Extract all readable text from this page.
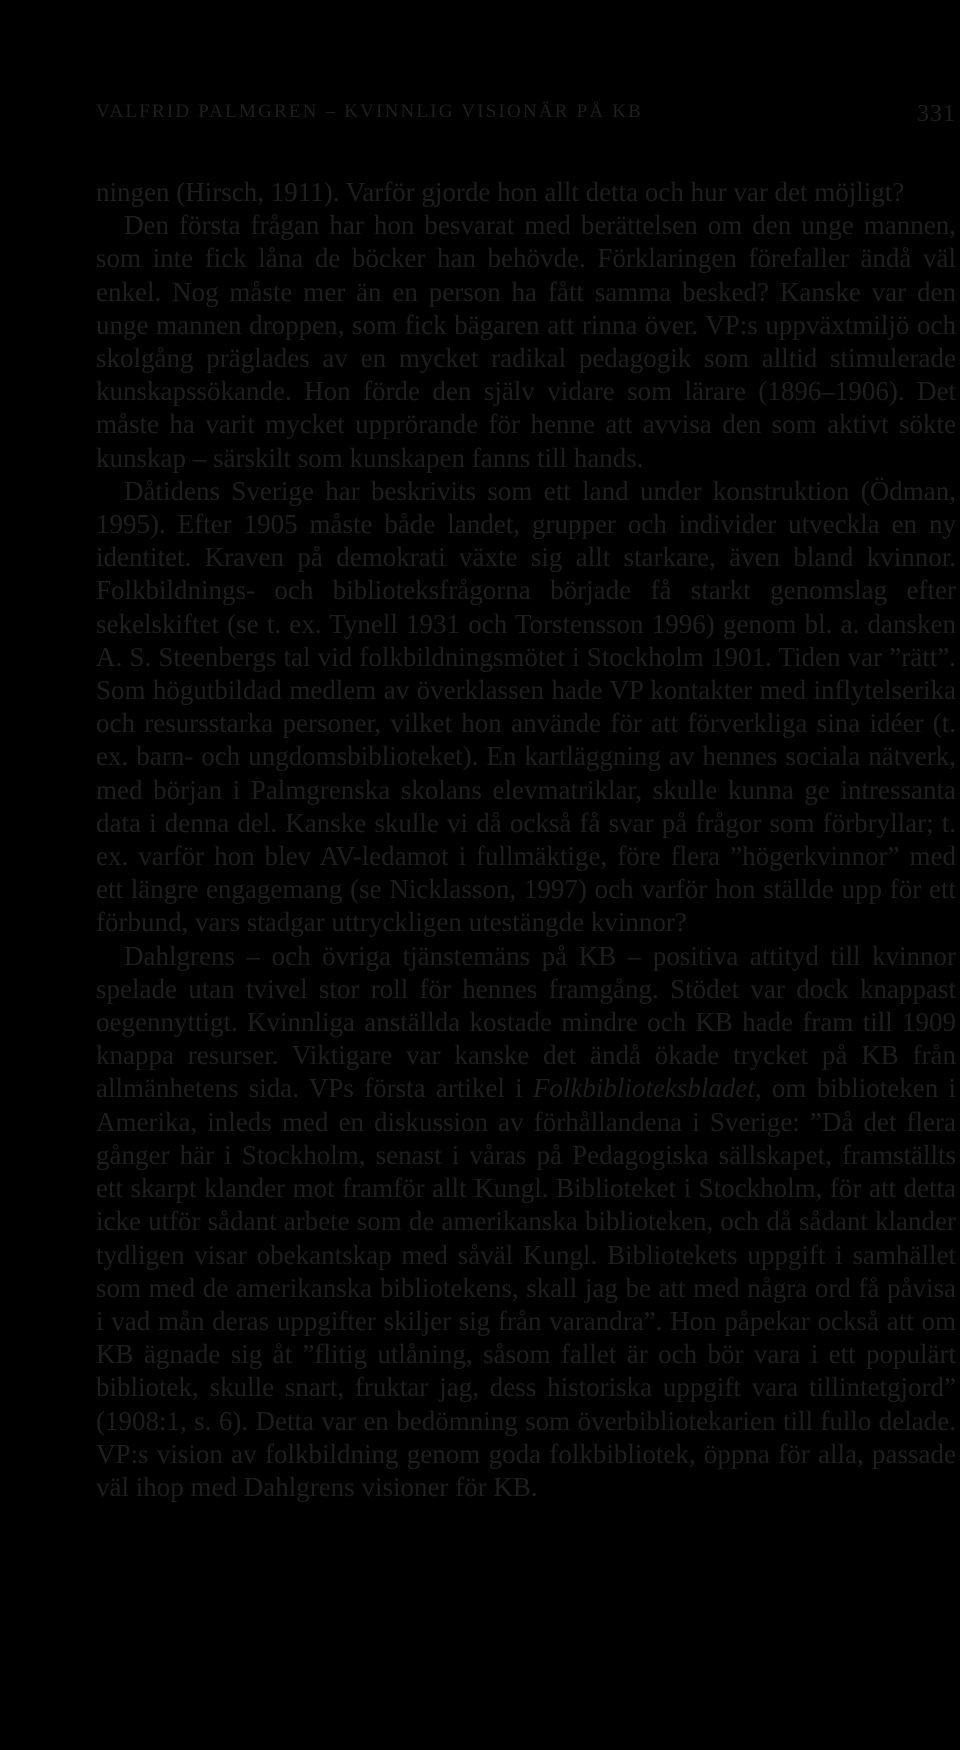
VALFRID PALMGREN – KVINNLIG VISIONÄR PÅ KB	331

ningen (Hirsch, 1911). Varför gjorde hon allt detta och hur var det möjligt?

Den första frågan har hon besvarat med berättelsen om den unge mannen, som inte fick låna de böcker han behövde. Förklaringen förefaller ändå väl enkel. Nog måste mer än en person ha fått samma besked? Kanske var den unge mannen droppen, som fick bägaren att rinna över. VP:s uppväxtmiljö och skolgång präglades av en mycket radikal pedagogik som alltid stimulerade kunskapssökande. Hon förde den själv vidare som lärare (1896–1906). Det måste ha varit mycket upprörande för henne att avvisa den som aktivt sökte kunskap – särskilt som kunskapen fanns till hands.

Dåtidens Sverige har beskrivits som ett land under konstruktion (Ödman, 1995). Efter 1905 måste både landet, grupper och individer utveckla en ny identitet. Kraven på demokrati växte sig allt starkare, även bland kvinnor. Folkbildnings- och biblioteksfrågorna började få starkt genomslag efter sekelskiftet (se t. ex. Tynell 1931 och Torstensson 1996) genom bl. a. dansken A. S. Steenbergs tal vid folkbildningsmötet i Stockholm 1901. Tiden var ”rätt”. Som högutbildad medlem av överklassen hade VP kontakter med inflytelserika och resursstarka personer, vilket hon använde för att förverkliga sina idéer (t. ex. barn- och ungdomsbiblioteket). En kartläggning av hennes sociala nätverk, med början i Palmgrenska skolans elevmatriklar, skulle kunna ge intressanta data i denna del. Kanske skulle vi då också få svar på frågor som förbryllar; t. ex. varför hon blev AV-ledamot i fullmäktige, före flera ”högerkvinnor” med ett längre engagemang (se Nicklasson, 1997) och varför hon ställde upp för ett förbund, vars stadgar uttryckligen utestängde kvinnor?

Dahlgrens – och övriga tjänstemäns på KB – positiva attityd till kvinnor spelade utan tvivel stor roll för hennes framgång. Stödet var dock knappast oegennyttigt. Kvinnliga anställda kostade mindre och KB hade fram till 1909 knappa resurser. Viktigare var kanske det ändå ökade trycket på KB från allmänhetens sida. VPs första artikel i Folkbiblioteksbladet, om biblioteken i Amerika, inleds med en diskussion av förhållandena i Sverige: ”Då det flera gånger här i Stockholm, senast i våras på Pedagogiska sällskapet, framställts ett skarpt klander mot framför allt Kungl. Biblioteket i Stockholm, för att detta icke utför sådant arbete som de amerikanska biblioteken, och då sådant klander tydligen visar obekantskap med såväl Kungl. Bibliotekets uppgift i samhället som med de amerikanska bibliotekens, skall jag be att med några ord få påvisa i vad mån deras uppgifter skiljer sig från varandra”. Hon påpekar också att om KB ägnade sig åt ”flitig utlåning, såsom fallet är och bör vara i ett populärt bibliotek, skulle snart, fruktar jag, dess historiska uppgift vara tillintetgjord” (1908:1, s. 6). Detta var en bedömning som överbibliotekarien till fullo delade. VP:s vision av folkbildning genom goda folkbibliotek, öppna för alla, passade väl ihop med Dahlgrens visioner för KB.
